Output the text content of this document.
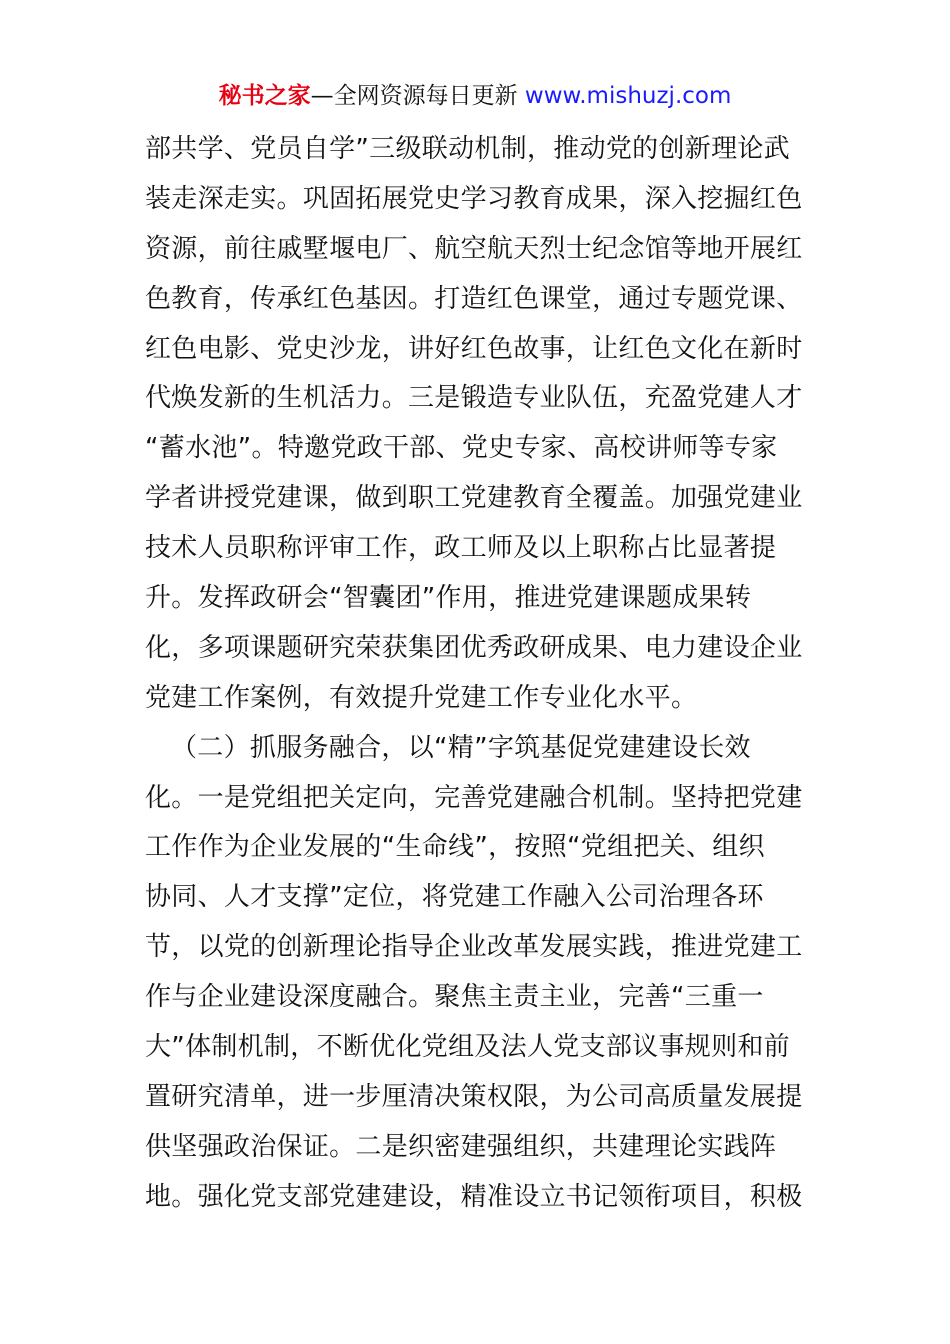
秘书之家—全网资源每日更新 www.mishuzj.com
部共学、党员自学”三级联动机制，推动党的创新理论武
装走深走实。巩固拓展党史学习教育成果，深入挖掘红色
资源，前往戚墅堰电厂、航空航天烈士纪念馆等地开展红
色教育，传承红色基因。打造红色课堂，通过专题党课、
红色电影、党史沙龙，讲好红色故事，让红色文化在新时
代焕发新的生机活力。三是锻造专业队伍，充盈党建人才
“蓄水池”。特邀党政干部、党史专家、高校讲师等专家
学者讲授党建课，做到职工党建教育全覆盖。加强党建业
技术人员职称评审工作，政工师及以上职称占比显著提
升。发挥政研会“智囊团”作用，推进党建课题成果转
化，多项课题研究荣获集团优秀政研成果、电力建设企业
党建工作案例，有效提升党建工作专业化水平。
（二）抓服务融合，以“精”字筑基促党建建设长效
化。一是党组把关定向，完善党建融合机制。坚持把党建
工作作为企业发展的“生命线”，按照“党组把关、组织
协同、人才支撑”定位，将党建工作融入公司治理各环
节，以党的创新理论指导企业改革发展实践，推进党建工
作与企业建设深度融合。聚焦主责主业，完善“三重一
大”体制机制，不断优化党组及法人党支部议事规则和前
置研究清单，进一步厘清决策权限，为公司高质量发展提
供坚强政治保证。二是织密建强组织，共建理论实践阵
地。强化党支部党建建设，精准设立书记领衔项目，积极
